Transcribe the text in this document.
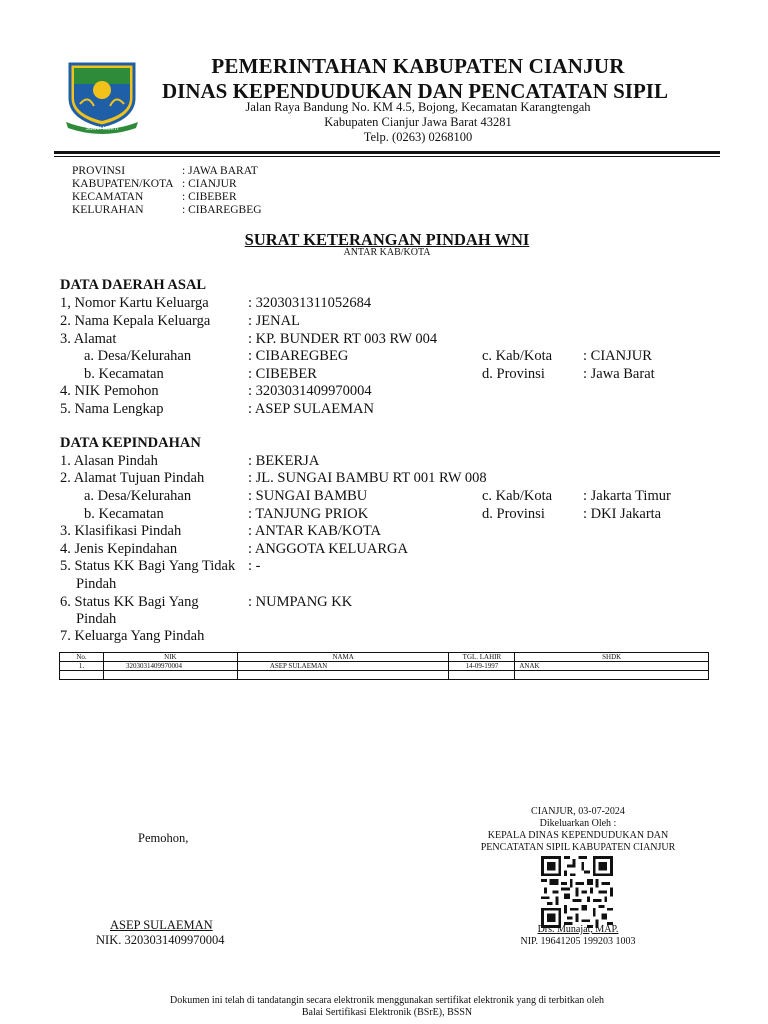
SUGIH MUKTI
PEMERINTAHAN KABUPATEN CIANJUR
DINAS KEPENDUDUKAN DAN PENCATATAN SIPIL
Jalan Raya Bandung No. KM 4.5, Bojong, Kecamatan Karangtengah
Kabupaten Cianjur Jawa Barat 43281
Telp. (0263) 0268100
PROVINSI	: JAWA BARAT
KABUPATEN/KOTA : CIANJUR
KECAMATAN	: CIBEBER
KELURAHAN	: CIBAREGBEG
SURAT KETERANGAN PINDAH WNI
ANTAR KAB/KOTA
DATA DAERAH ASAL
1, Nomor Kartu Keluarga	: 3203031311052684
2. Nama Kepala Keluarga	: JENAL
3. Alamat	: KP. BUNDER RT 003 RW 004
a. Desa/Kelurahan	: CIBAREGBEG	c. Kab/Kota : CIANJUR
b. Kecamatan	: CIBEBER	d. Provinsi	: Jawa Barat
4. NIK Pemohon	: 3203031409970004
5. Nama Lengkap	: ASEP SULAEMAN
DATA KEPINDAHAN
1. Alasan Pindah	: BEKERJA
2. Alamat Tujuan Pindah	: JL. SUNGAI BAMBU RT 001 RW 008
a. Desa/Kelurahan	: SUNGAI BAMBU	c. Kab/Kota : Jakarta Timur
b. Kecamatan	: TANJUNG PRIOK	d. Provinsi	: DKI Jakarta
3. Klasifikasi Pindah	: ANTAR KAB/KOTA
4. Jenis Kepindahan	: ANGGOTA KELUARGA
5. Status KK Bagi Yang Tidak : -
Pindah
6. Status KK Bagi Yang	: NUMPANG KK
Pindah
7. Keluarga Yang Pindah
No.	NIK	NAMA	TGL. LAHIR	SHDK
1.	3203031409970004	ASEP SULAEMAN	14-09-1997	ANAK

Pemohon,
ASEP SULAEMAN
NIK. 3203031409970004
CIANJUR, 03-07-2024
Dikeluarkan Oleh :
KEPALA DINAS KEPENDUDUKAN DAN
PENCATATAN SIPIL KABUPATEN CIANJUR
Drs. Munajat, MAP.
NIP. 19641205 199203 1003
Dokumen ini telah di tandatangin secara elektronik menggunakan sertifikat elektronik yang di terbitkan oleh
Balai Sertifikasi Elektronik (BSrE), BSSN
